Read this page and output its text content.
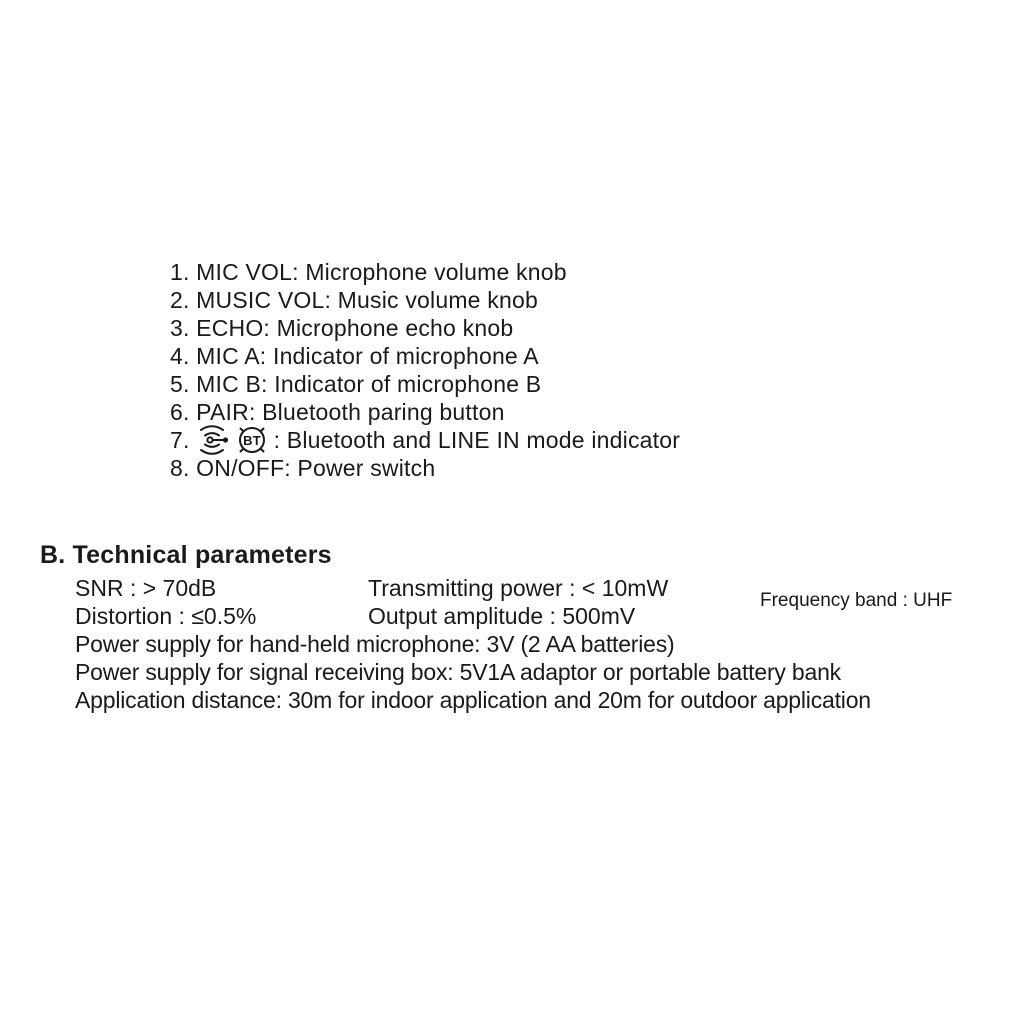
1. MIC VOL: Microphone volume knob
2. MUSIC VOL: Music volume knob
3. ECHO: Microphone echo knob
4. MIC A: Indicator of microphone A
5. MIC B: Indicator of microphone B
6. PAIR: Bluetooth paring button
7.	BT : Bluetooth and LINE IN mode indicator
8. ON/OFF: Power switch
B. Technical parameters
SNR : > 70dB	Transmitting power : < 10mW
Distortion : ≤0.5%	Output amplitude : 500mV
Frequency band : UHF
Power supply for hand-held microphone: 3V (2 AA batteries)
Power supply for signal receiving box: 5V1A adaptor or portable battery bank
Application distance: 30m for indoor application and 20m for outdoor application
